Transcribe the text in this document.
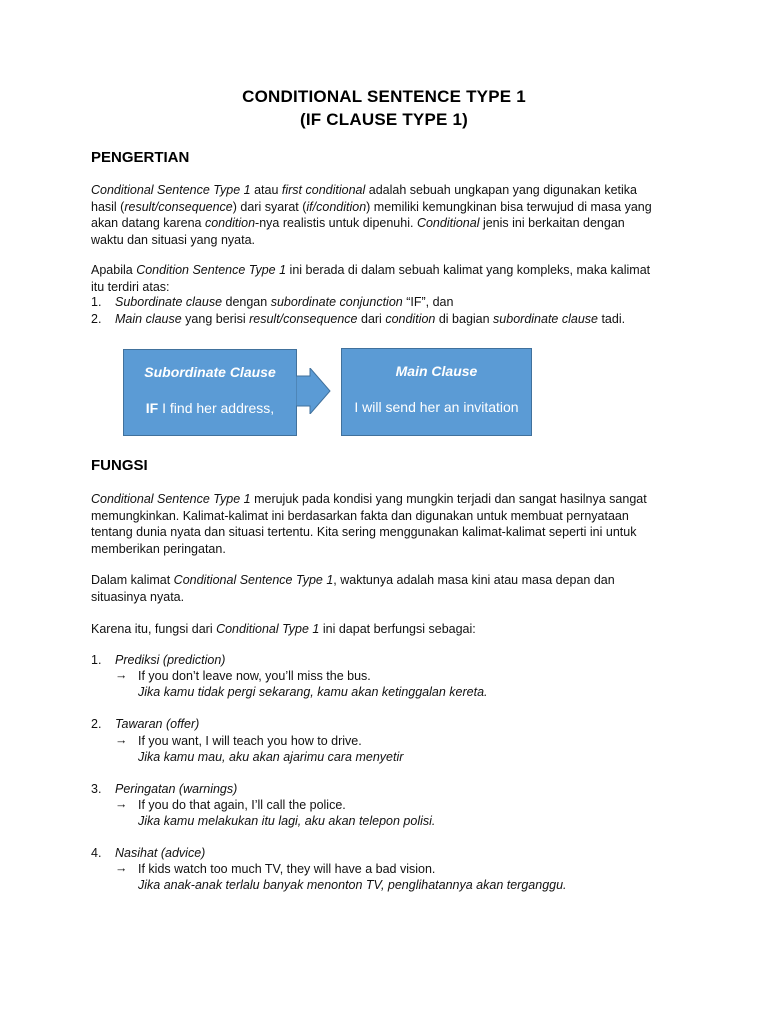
CONDITIONAL SENTENCE TYPE 1
(IF CLAUSE TYPE 1)
PENGERTIAN

Conditional Sentence Type 1 atau first conditional adalah sebuah ungkapan yang digunakan ketika
hasil (result/consequence) dari syarat (if/condition) memiliki kemungkinan bisa terwujud di masa yang
akan datang karena condition-nya realistis untuk dipenuhi. Conditional jenis ini berkaitan dengan
waktu dan situasi yang nyata.

Apabila Condition Sentence Type 1 ini berada di dalam sebuah kalimat yang kompleks, maka kalimat
itu terdiri atas:

1. Subordinate clause dengan subordinate conjunction “IF”, dan
2. Main clause yang berisi result/consequence dari condition di bagian subordinate clause tadi.
Subordinate Clause
IF I find her address,
Main Clause
I will send her an invitation
FUNGSI

Conditional Sentence Type 1 merujuk pada kondisi yang mungkin terjadi dan sangat hasilnya sangat
memungkinkan. Kalimat-kalimat ini berdasarkan fakta dan digunakan untuk membuat pernyataan
tentang dunia nyata dan situasi tertentu. Kita sering menggunakan kalimat-kalimat seperti ini untuk
memberikan peringatan.

Dalam kalimat Conditional Sentence Type 1, waktunya adalah masa kini atau masa depan dan
situasinya nyata.

Karena itu, fungsi dari Conditional Type 1 ini dapat berfungsi sebagai:

1. Prediksi (prediction)
→ If you don’t leave now, you’ll miss the bus.
Jika kamu tidak pergi sekarang, kamu akan ketinggalan kereta.
2. Tawaran (offer)
→ If you want, I will teach you how to drive.
Jika kamu mau, aku akan ajarimu cara menyetir
3. Peringatan (warnings)
→ If you do that again, I’ll call the police.
Jika kamu melakukan itu lagi, aku akan telepon polisi.
4. Nasihat (advice)
→ If kids watch too much TV, they will have a bad vision.
Jika anak-anak terlalu banyak menonton TV, penglihatannya akan terganggu.
